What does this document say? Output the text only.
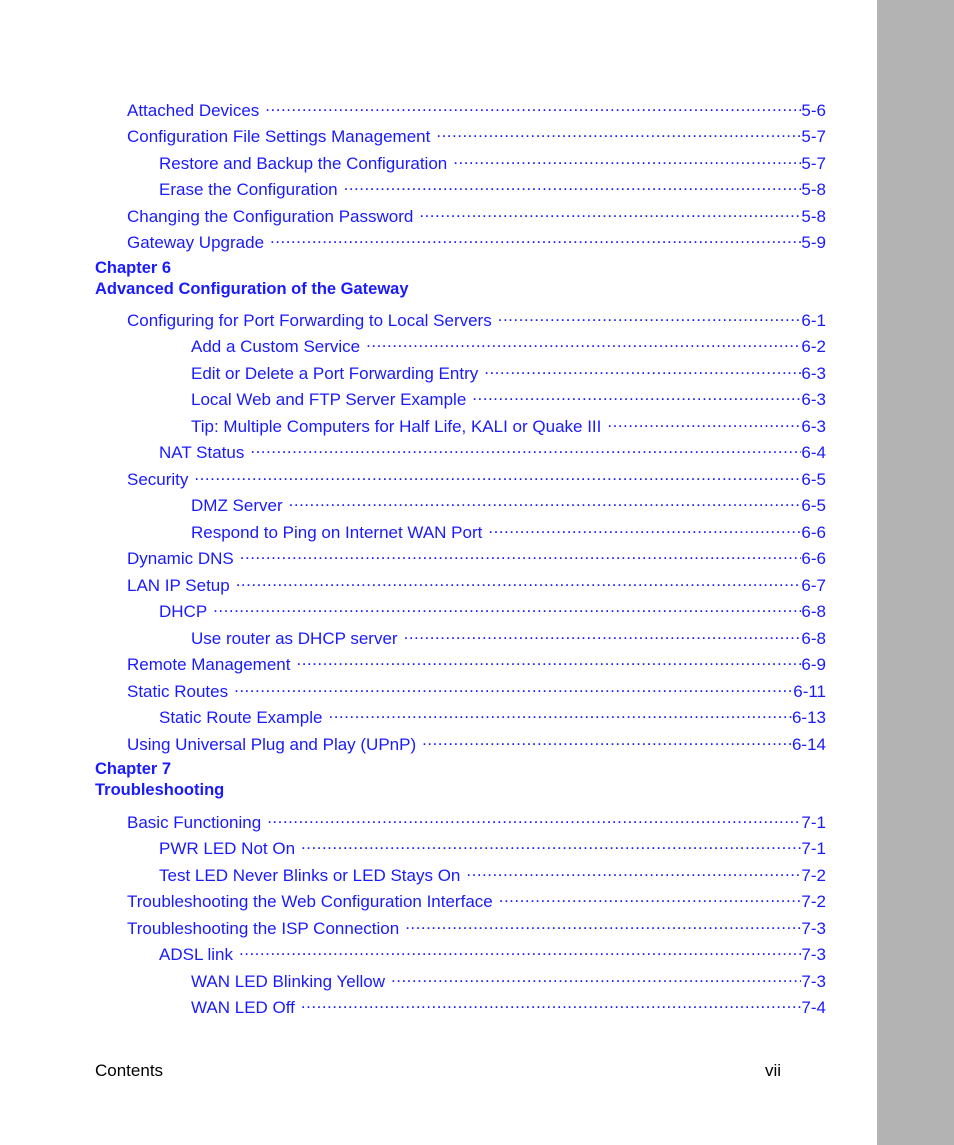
Attached Devices .....	5-6
Configuration File Settings Management .....	5-7
Restore and Backup the Configuration .....	5-7
Erase the Configuration .....	5-8
Changing the Configuration Password .....	5-8
Gateway Upgrade .....	5-9
Chapter 6
Advanced Configuration of the Gateway
Configuring for Port Forwarding to Local Servers .....	6-1
Add a Custom Service .....	6-2
Edit or Delete a Port Forwarding Entry .....	6-3
Local Web and FTP Server Example .....	6-3
Tip: Multiple Computers for Half Life, KALI or Quake III .....	6-3
NAT Status .....	6-4
Security .....	6-5
DMZ Server .....	6-5
Respond to Ping on Internet WAN Port .....	6-6
Dynamic DNS .....	6-6
LAN IP Setup .....	6-7
DHCP .....	6-8
Use router as DHCP server .....	6-8
Remote Management .....	6-9
Static Routes .....	6-11
Static Route Example .....	6-13
Using Universal Plug and Play (UPnP) .....	6-14
Chapter 7
Troubleshooting
Basic Functioning .....	7-1
PWR LED Not On .....	7-1
Test LED Never Blinks or LED Stays On .....	7-2
Troubleshooting the Web Configuration Interface .....	7-2
Troubleshooting the ISP Connection .....	7-3
ADSL link .....	7-3
WAN LED Blinking Yellow .....	7-3
WAN LED Off .....	7-4
Contents	vii
